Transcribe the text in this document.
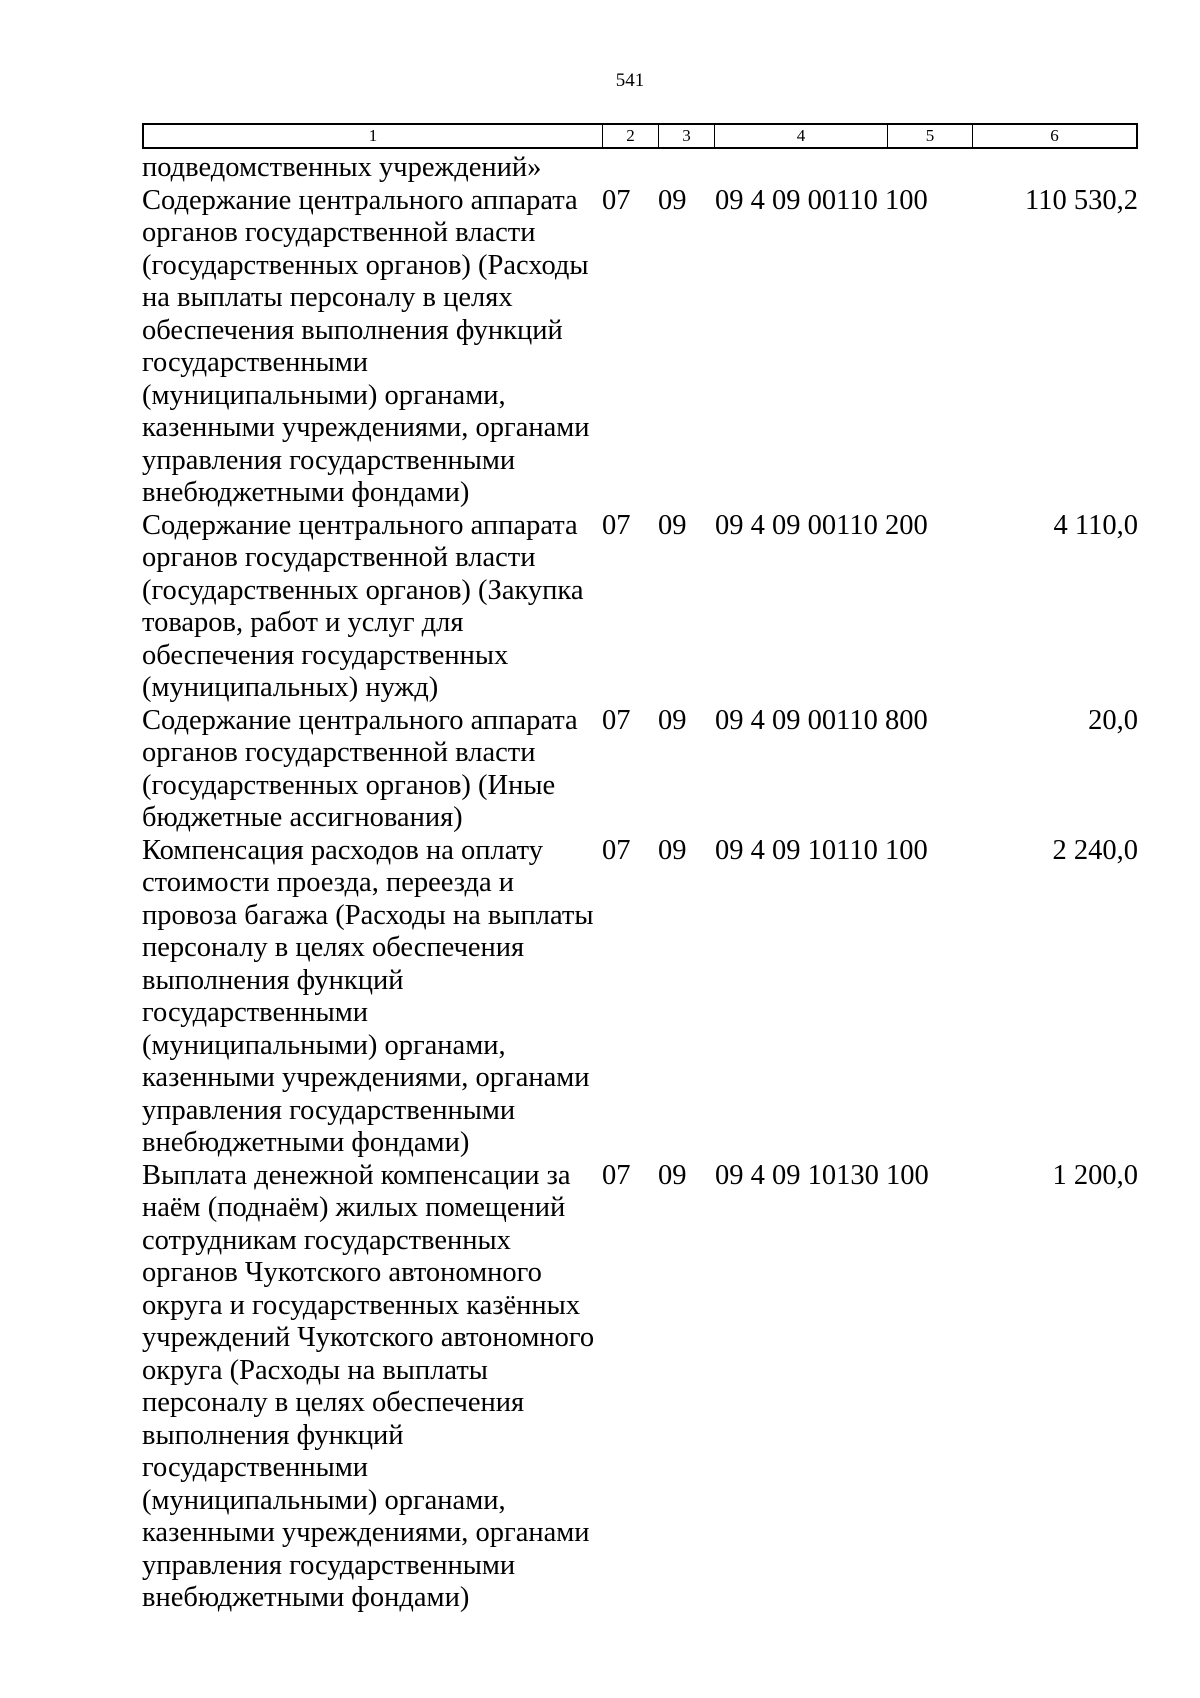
541
1	2	3	4	5	6
подведомственных учреждений»
Содержание центрального аппарата
органов государственной власти
(государственных органов) (Расходы
на выплаты персоналу в целях
обеспечения выполнения функций
государственными
(муниципальными) органами,
казенными учреждениями, органами
управления государственными
внебюджетными фондами)
07 09	09 4 09 00110 100	110 530,2
Содержание центрального аппарата
органов государственной власти
(государственных органов) (Закупка
товаров, работ и услуг для
обеспечения государственных
(муниципальных) нужд)
07 09	09 4 09 00110 200	4 110,0
Содержание центрального аппарата
органов государственной власти
(государственных органов) (Иные
бюджетные ассигнования)
07 09	09 4 09 00110 800	20,0
Компенсация расходов на оплату
стоимости проезда, переезда и
провоза багажа (Расходы на выплаты
персоналу в целях обеспечения
выполнения функций
государственными
(муниципальными) органами,
казенными учреждениями, органами
управления государственными
внебюджетными фондами)
07 09	09 4 09 10110 100	2 240,0
Выплата денежной компенсации за
наём (поднаём) жилых помещений
сотрудникам государственных
органов Чукотского автономного
округа и государственных казённых
учреждений Чукотского автономного
округа (Расходы на выплаты
персоналу в целях обеспечения
выполнения функций
государственными
(муниципальными) органами,
казенными учреждениями, органами
управления государственными
внебюджетными фондами)
07 09	09 4 09 10130 100	1 200,0
